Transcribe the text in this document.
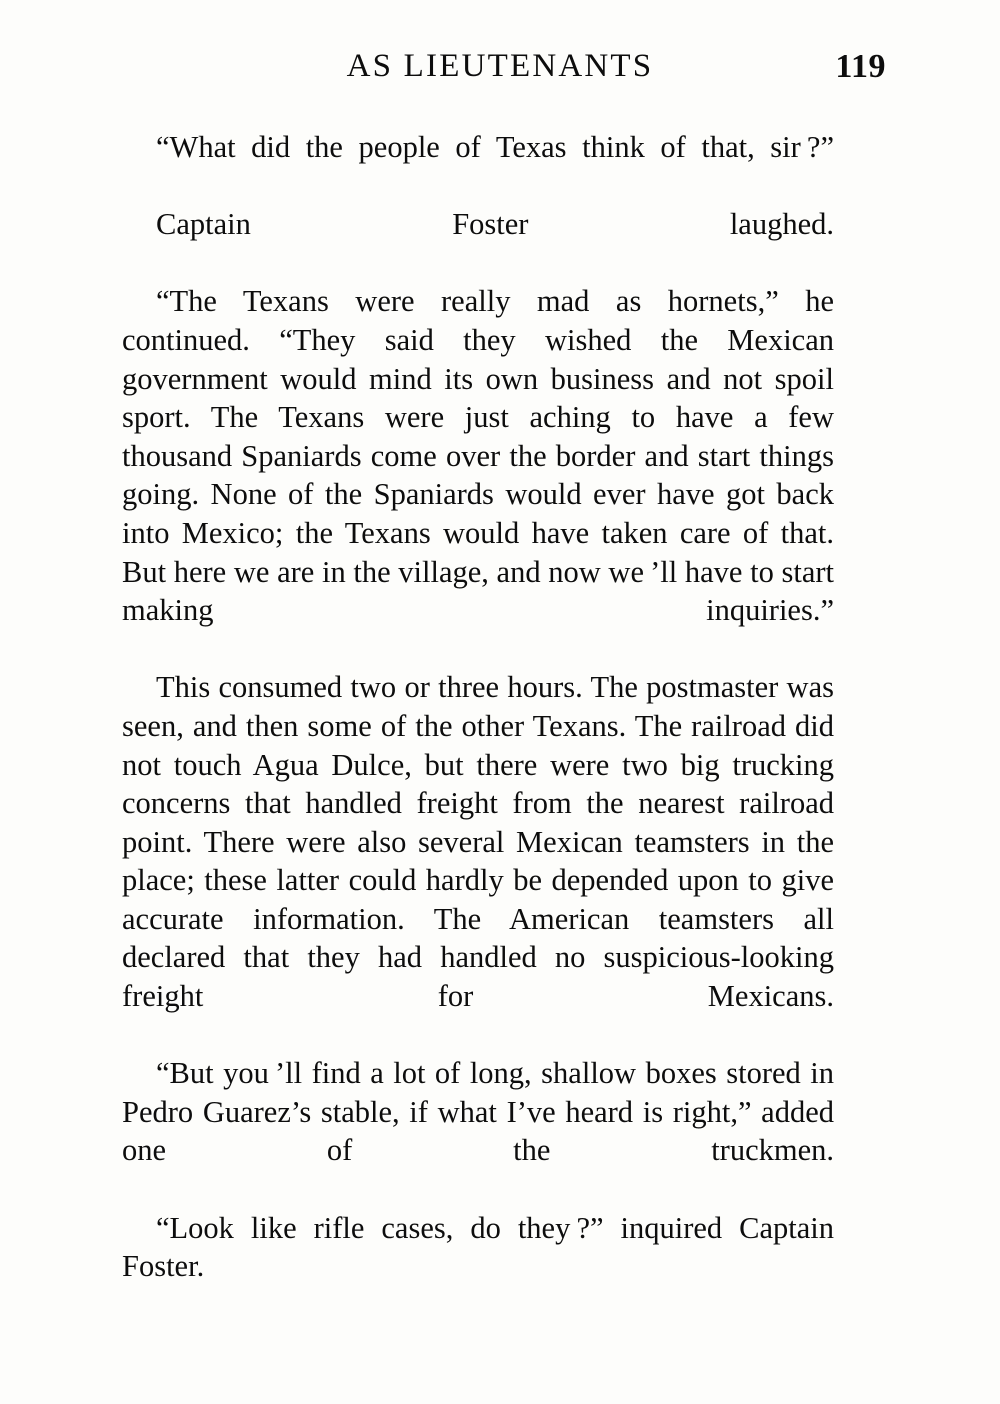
AS LIEUTENANTS	119

“What did the people of Texas think of that, sir ?”

Captain Foster laughed.

“The Texans were really mad as hornets,” he continued. “They said they wished the Mexican government would mind its own business and not spoil sport. The Texans were just aching to have a few thousand Spaniards come over the border and start things going. None of the Spaniards would ever have got back into Mexico; the Texans would have taken care of that. But here we are in the village, and now we ’ll have to start making inquiries.”

This consumed two or three hours. The postmaster was seen, and then some of the other Texans. The railroad did not touch Agua Dulce, but there were two big trucking concerns that handled freight from the nearest railroad point. There were also several Mexican teamsters in the place; these latter could hardly be depended upon to give accurate information. The American teamsters all declared that they had handled no suspicious-looking freight for Mexicans.

“But you ’ll find a lot of long, shallow boxes stored in Pedro Guarez’s stable, if what I’ve heard is right,” added one of the truckmen.

“Look like rifle cases, do they ?” inquired Captain Foster.
